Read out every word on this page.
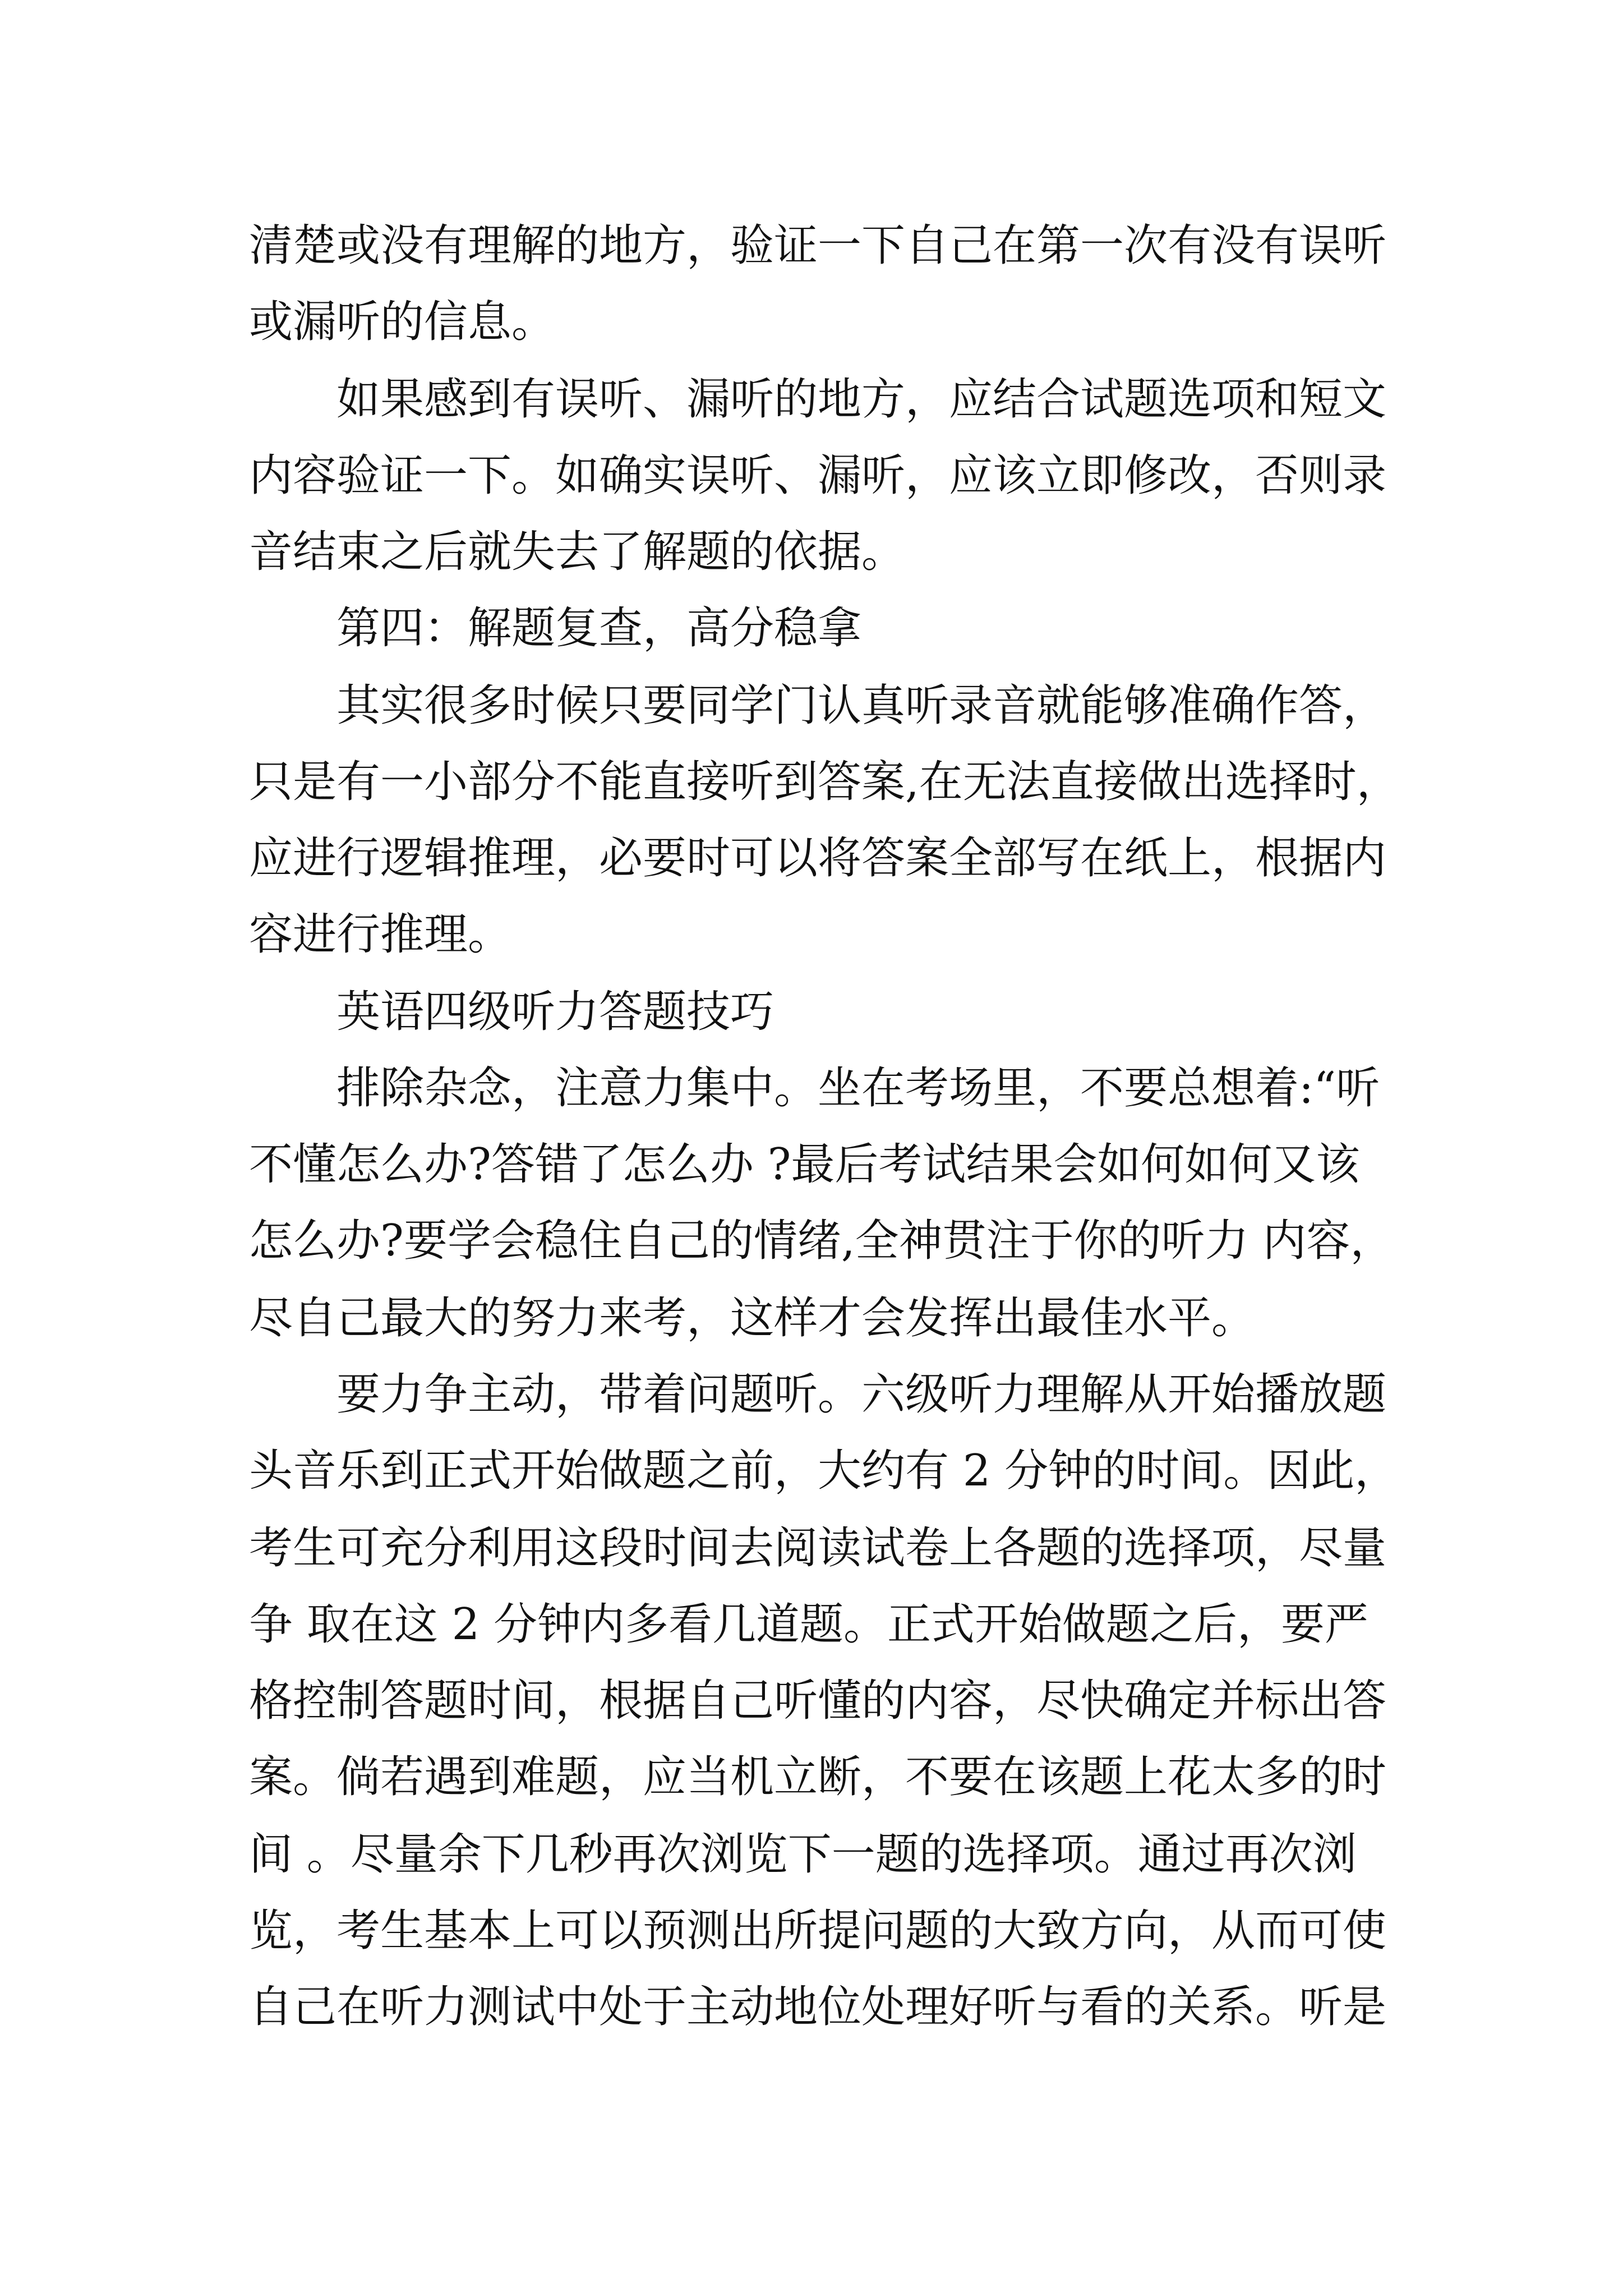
清楚或没有理解的地方，验证一下自己在第一次有没有误听
或漏听的信息。
　　如果感到有误听、漏听的地方，应结合试题选项和短文
内容验证一下。如确实误听、漏听，应该立即修改，否则录
音结束之后就失去了解题的依据。
　　第四：解题复查，高分稳拿
　　其实很多时候只要同学门认真听录音就能够准确作答，
只是有一小部分不能直接听到答案,在无法直接做出选择时，
应进行逻辑推理，必要时可以将答案全部写在纸上，根据内
容进行推理。
　　英语四级听力答题技巧
　　排除杂念，注意力集中。坐在考场里，不要总想着:“听
不懂怎么办?答错了怎么办 ?最后考试结果会如何如何又该
怎么办?要学会稳住自己的情绪,全神贯注于你的听力 内容，
尽自己最大的努力来考，这样才会发挥出最佳水平。
　　要力争主动，带着问题听。六级听力理解从开始播放题
头音乐到正式开始做题之前，大约有 2 分钟的时间。因此，
考生可充分利用这段时间去阅读试卷上各题的选择项，尽量
争 取在这 2 分钟内多看几道题。正式开始做题之后，要严
格控制答题时间，根据自己听懂的内容，尽快确定并标出答
案。倘若遇到难题，应当机立断，不要在该题上花太多的时
间 。尽量余下几秒再次浏览下一题的选择项。通过再次浏
览，考生基本上可以预测出所提问题的大致方向，从而可使
自己在听力测试中处于主动地位处理好听与看的关系。听是
